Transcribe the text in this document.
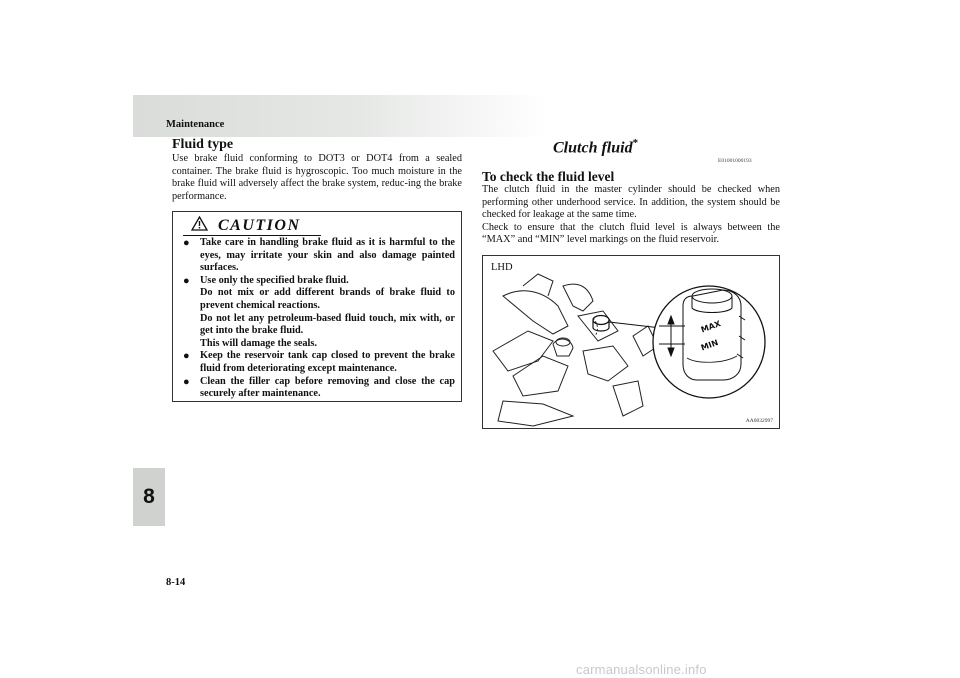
Maintenance
8
8-14
Fluid type

Use brake fluid conforming to DOT3 or DOT4 from a sealed container. The brake fluid is hygroscopic. Too much moisture in the brake fluid will adversely affect the brake system, reduc-ing the brake performance.

CAUTION
● Take care in handling brake fluid as it is harmful to the eyes, may irritate your skin and also damage painted surfaces.
● Use only the specified brake fluid.
Do not mix or add different brands of brake fluid to prevent chemical reactions.
Do not let any petroleum-based fluid touch, mix with, or get into the brake fluid.
This will damage the seals.
● Keep the reservoir tank cap closed to prevent the brake fluid from deteriorating except maintenance.
● Clean the filler cap before removing and close the cap securely after maintenance.
Clutch fluid*
E01001000193
To check the fluid level

The clutch fluid in the master cylinder should be checked when performing other underhood service. In addition, the system should be checked for leakage at the same time.

Check to ensure that the clutch fluid level is always between the “MAX” and “MIN” level markings on the fluid reservoir.

LHD
MAX
MIN
AA0032997
carmanualsonline.info
